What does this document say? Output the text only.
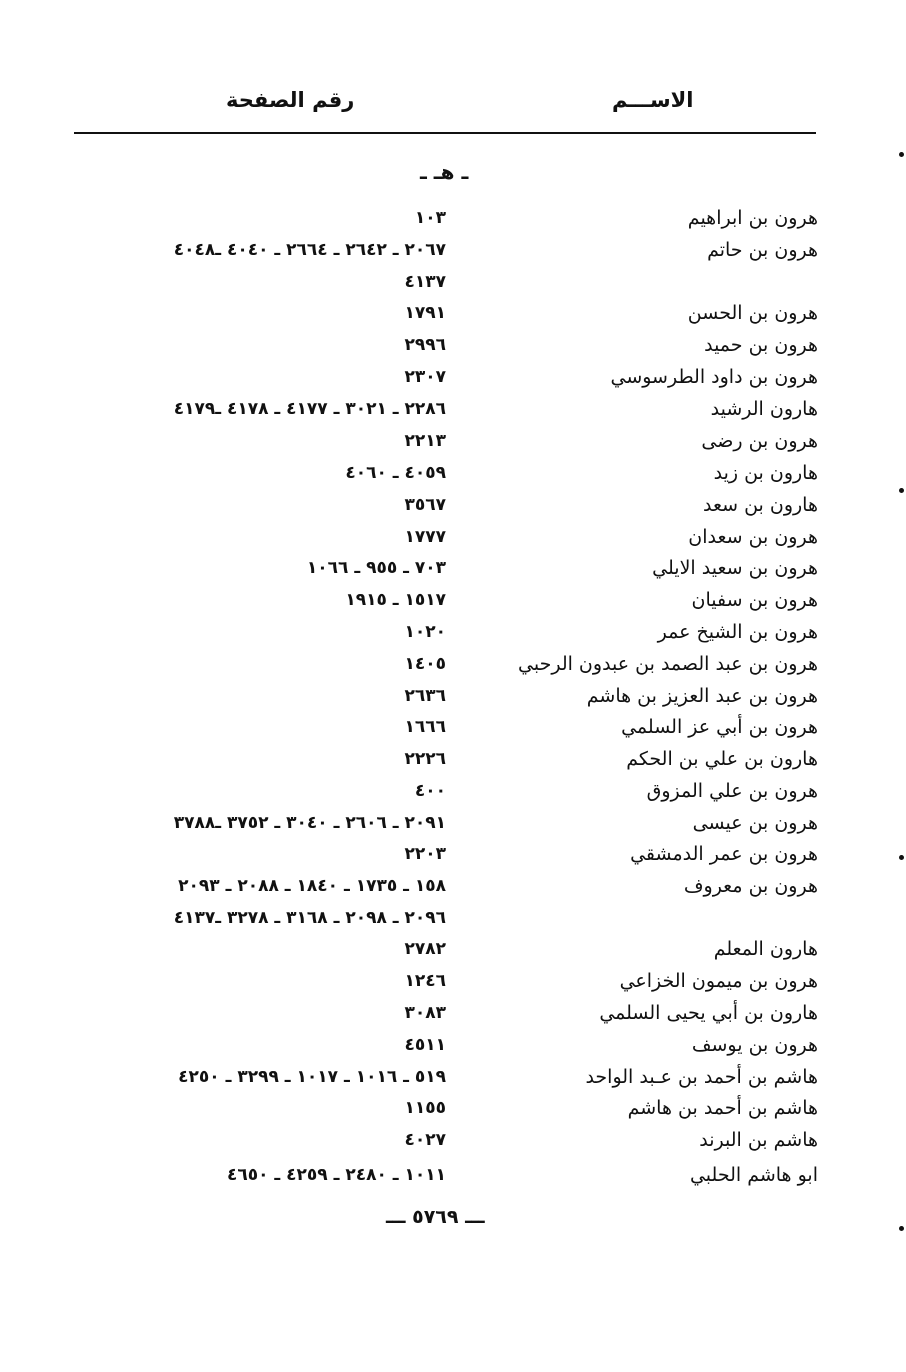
الاســـم
رقم الصفحة
ـ هـ ـ
هرون بن ابراهيم
١٠٣
هرون بن حاتم
٢٠٦٧ ـ ٢٦٤٢ ـ ٢٦٦٤ ـ ٤٠٤٠ ـ٤٠٤٨
٤١٣٧
هرون بن الحسن
١٧٩١
هرون بن حميد
٢٩٩٦
هرون بن داود الطرسوسي
٢٣٠٧
هارون الرشيد
٢٢٨٦ ـ ٣٠٢١ ـ ٤١٧٧ ـ ٤١٧٨ ـ٤١٧٩
هرون بن رضى
٢٢١٣
هارون بن زيد
٤٠٥٩ ـ ٤٠٦٠
هارون بن سعد
٣٥٦٧
هرون بن سعدان
١٧٧٧
هرون بن سعيد الايلي
٧٠٣ ـ ٩٥٥ ـ ١٠٦٦
هرون بن سفيان
١٥١٧ ـ ١٩١٥
هرون بن الشيخ عمر
١٠٢٠
هرون بن عبد الصمد بن عبدون الرحبي
١٤٠٥
هرون بن عبد العزيز بن هاشم
٢٦٣٦
هرون بن أبي عز السلمي
١٦٦٦
هارون بن علي بن الحكم
٢٢٢٦
هرون بن علي المزوق
٤٠٠
هرون بن عيسى
٢٠٩١ ـ ٢٦٠٦ ـ ٣٠٤٠ ـ ٣٧٥٢ ـ٣٧٨٨
هرون بن عمر الدمشقي
٢٢٠٣
هرون بن معروف
١٥٨ ـ ١٧٣٥ ـ ١٨٤٠ ـ ٢٠٨٨ ـ ٢٠٩٣
٢٠٩٦ ـ ٢٠٩٨ ـ ٣١٦٨ ـ ٣٢٧٨ ـ٤١٣٧
هارون المعلم
٢٧٨٢
هرون بن ميمون الخزاعي
١٢٤٦
هارون بن أبي يحيى السلمي
٣٠٨٣
هرون بن يوسف
٤٥١١
هاشم بن أحمد بن عـبد الواحد
٥١٩ ـ ١٠١٦ ـ ١٠١٧ ـ ٣٢٩٩ ـ ٤٢٥٠
هاشم بن أحمد بن هاشم
١١٥٥
هاشم بن البرند
٤٠٢٧
ابو هاشم الحلبي
١٠١١ ـ ٢٤٨٠ ـ ٤٢٥٩ ـ ٤٦٥٠
ـــ ٥٧٦٩ ـــ
